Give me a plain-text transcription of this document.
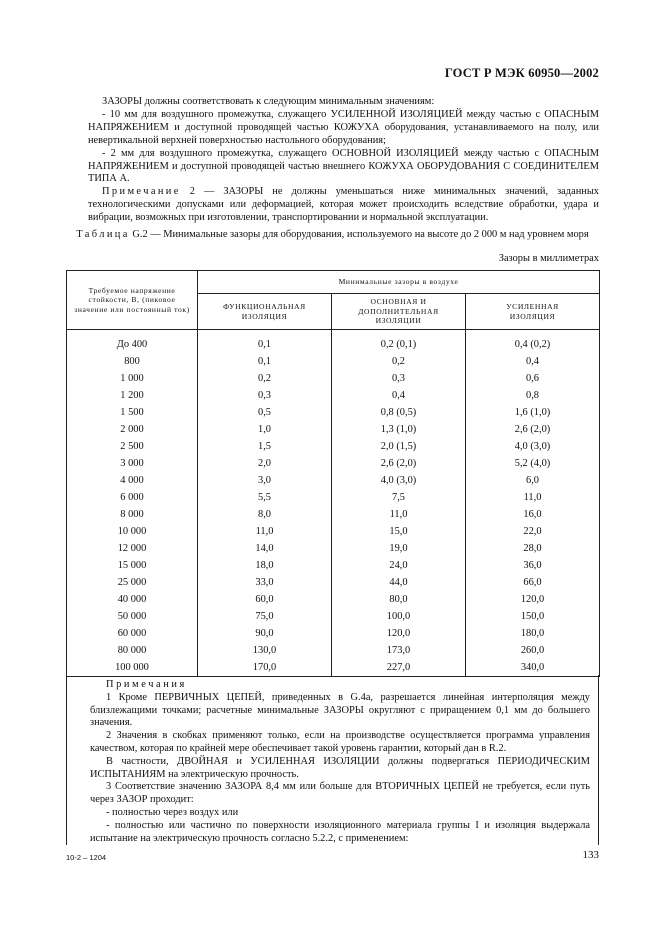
ГОСТ Р МЭК 60950—2002

ЗАЗОРЫ должны соответствовать к следующим минимальным значениям:

- 10 мм для воздушного промежутка, служащего УСИЛЕННОЙ ИЗОЛЯЦИЕЙ между частью с ОПАСНЫМ НАПРЯЖЕНИЕМ и доступной проводящей частью КОЖУХА оборудования, устанавливаемого на полу, или невертикальной верхней поверхностью настольного оборудования;

- 2 мм для воздушного промежутка, служащего ОСНОВНОЙ ИЗОЛЯЦИЕЙ между частью с ОПАСНЫМ НАПРЯЖЕНИЕМ и доступной проводящей частью внешнего КОЖУХА ОБОРУДОВАНИЯ С СОЕДИНИТЕЛЕМ ТИПА А.

Примечание 2 — ЗАЗОРЫ не должны уменьшаться ниже минимальных значений, заданных технологическими допусками или деформацией, которая может происходить вследствие обработки, удара и вибрации, возможных при изготовлении, транспортировании и нормальной эксплуатации.

Таблица G.2 — Минимальные зазоры для оборудования, используемого на высоте до 2 000 м над уровнем моря
Зазоры в миллиметрах
Требуемое напряжение стойкости, В, (пиковое значение или постоянный ток)	Минимальные зазоры в воздухе		
	ФУНКЦИОНАЛЬНАЯ ИЗОЛЯЦИЯ	ОСНОВНАЯ И ДОПОЛНИТЕЛЬНАЯ ИЗОЛЯЦИИ	УСИЛЕННАЯ ИЗОЛЯЦИЯ
До 400	0,1	0,2 (0,1)	0,4 (0,2)
800	0,1	0,2	0,4
1 000	0,2	0,3	0,6
1 200	0,3	0,4	0,8
1 500	0,5	0,8 (0,5)	1,6 (1,0)
2 000	1,0	1,3 (1,0)	2,6 (2,0)
2 500	1,5	2,0 (1,5)	4,0 (3,0)
3 000	2,0	2,6 (2,0)	5,2 (4,0)
4 000	3,0	4,0 (3,0)	6,0
6 000	5,5	7,5	11,0
8 000	8,0	11,0	16,0
10 000	11,0	15,0	22,0
12 000	14,0	19,0	28,0
15 000	18,0	24,0	36,0
25 000	33,0	44,0	66,0
40 000	60,0	80,0	120,0
50 000	75,0	100,0	150,0
60 000	90,0	120,0	180,0
80 000	130,0	173,0	260,0
100 000	170,0	227,0	340,0

Примечания

1 Кроме ПЕРВИЧНЫХ ЦЕПЕЙ, приведенных в G.4a, разрешается линейная интерполяция между близлежащими точками; расчетные минимальные ЗАЗОРЫ округляют с приращением 0,1 мм до большего значения.

2 Значения в скобках применяют только, если на производстве осуществляется программа управления качеством, которая по крайней мере обеспечивает такой уровень гарантии, который дан в R.2.

В частности, ДВОЙНАЯ и УСИЛЕННАЯ ИЗОЛЯЦИИ должны подвергаться ПЕРИОДИЧЕСКИМ ИСПЫТАНИЯМ на электрическую прочность.

3 Соответствие значению ЗАЗОРА 8,4 мм или больше для ВТОРИЧНЫХ ЦЕПЕЙ не требуется, если путь через ЗАЗОР проходит:

- полностью через воздух или

- полностью или частично по поверхности изоляционного материала группы I и изоляция выдержала испытание на электрическую прочность согласно 5.2.2, с применением:

10-2 – 1204	133
